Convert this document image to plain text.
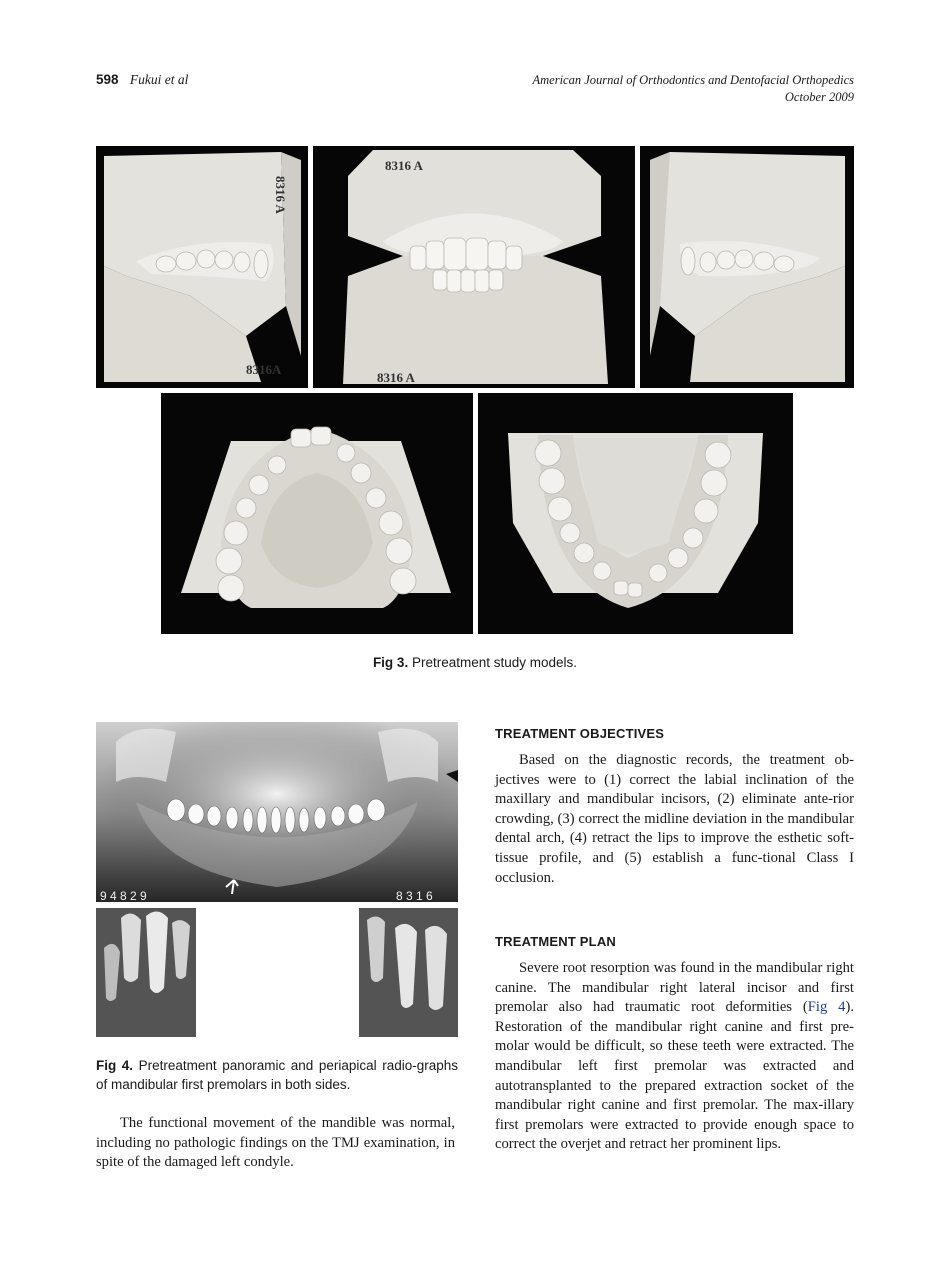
598 Fukui et al	American Journal of Orthodontics and Dentofacial Orthopedics
October 2009
8316 A
8316A
8316 A
8316 A
Fig 3. Pretreatment study models.
9 4 8 2 9	8 3 1 6
Fig 4. Pretreatment panoramic and periapical radio-graphs of mandibular first premolars in both sides.
The functional movement of the mandible was normal, including no pathologic findings on the TMJ examination, in spite of the damaged left condyle.
TREATMENT OBJECTIVES
Based on the diagnostic records, the treatment ob-jectives were to (1) correct the labial inclination of the maxillary and mandibular incisors, (2) eliminate ante-rior crowding, (3) correct the midline deviation in the mandibular dental arch, (4) retract the lips to improve the esthetic soft-tissue profile, and (5) establish a func-tional Class I occlusion.
TREATMENT PLAN
Severe root resorption was found in the mandibular right canine. The mandibular right lateral incisor and first premolar also had traumatic root deformities (Fig 4). Restoration of the mandibular right canine and first pre-molar would be difficult, so these teeth were extracted. The mandibular left first premolar was extracted and autotransplanted to the prepared extraction socket of the mandibular right canine and first premolar. The max-illary first premolars were extracted to provide enough space to correct the overjet and retract her prominent lips.
